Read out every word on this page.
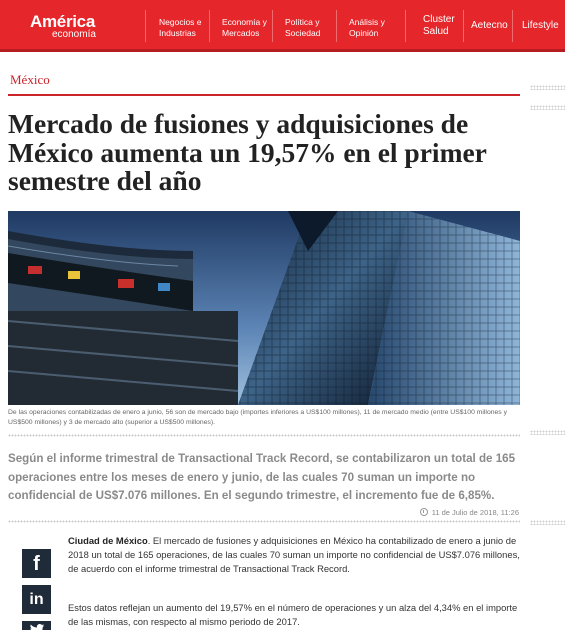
América
economía
Negocios e
Industrias
Economía y
Mercados
Política y
Sociedad
Análisis y
Opinión
Cluster
Salud
Aetecno Lifestyle
México
Mercado de fusiones y adquisiciones de México aumenta un 19,57% en el primer semestre del año
De las operaciones contabilizadas de enero a junio, 56 son de mercado bajo (importes inferiores a US$100 millones), 11 de mercado medio (entre US$100 millones y US$500 millones) y 3 de mercado alto (superior a US$500 millones).

Según el informe trimestral de Transactional Track Record, se contabilizaron un total de 165 operaciones entre los meses de enero y junio, de las cuales 70 suman un importe no confidencial de US$7.076 millones. En el segundo trimestre, el incremento fue de 6,85%.

11 de Julio de 2018, 11:26
f
in
Ciudad de México. El mercado de fusiones y adquisiciones en México ha contabilizado de enero a junio de 2018 un total de 165 operaciones, de las cuales 70 suman un importe no confidencial de US$7.076 millones, de acuerdo con el informe trimestral de Transactional Track Record.
Estos datos reflejan un aumento del 19,57% en el número de operaciones y un alza del 4,34% en el importe de las mismas, con respecto al mismo periodo de 2017.
